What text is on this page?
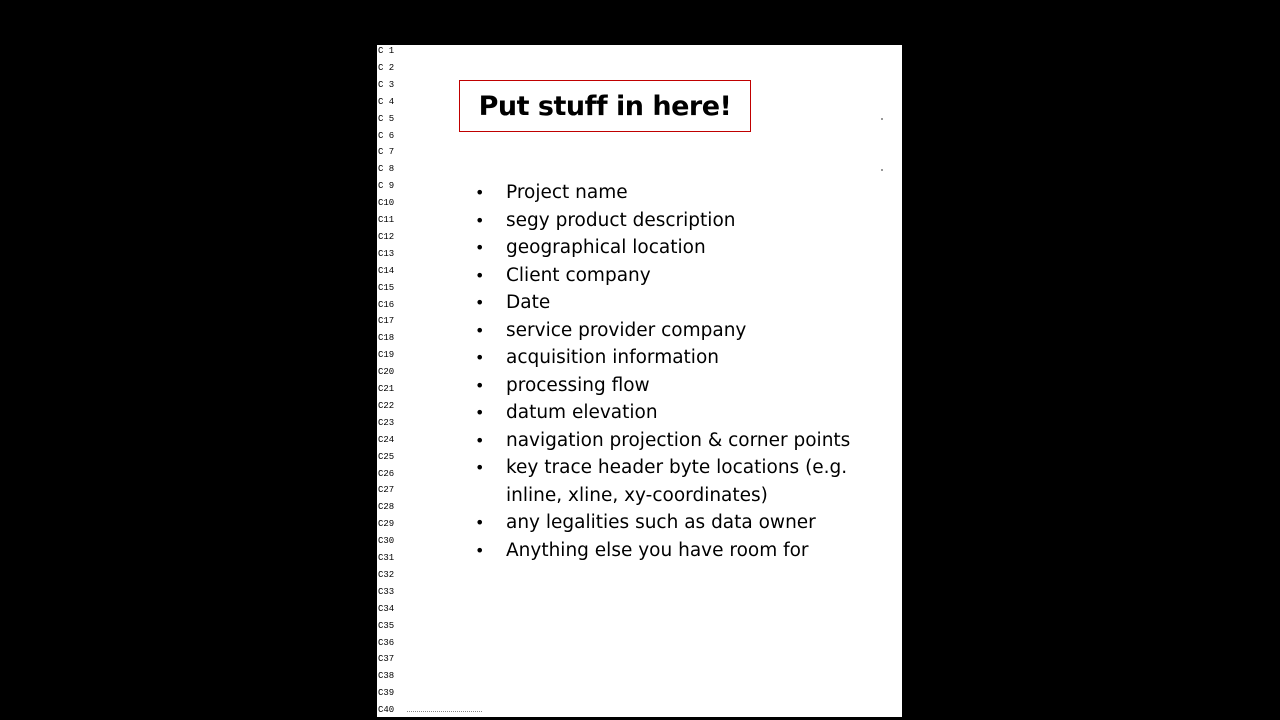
C 1
C 2
C 3
C 4
C 5
C 6
C 7
C 8
C 9
C10
C11
C12
C13
C14
C15
C16
C17
C18
C19
C20
C21
C22
C23
C24
C25
C26
C27
C28
C29
C30
C31
C32
C33
C34
C35
C36
C37
C38
C39
C40
Put stuff in here!
•	Project name
•	segy product description
•	geographical location
•	Client company
•	Date
•	service provider company
•	acquisition information
•	processing flow
•	datum elevation
•	navigation projection & corner points
•	key trace header byte locations (e.g. inline, xline, xy-coordinates)
•	any legalities such as data owner
•	Anything else you have room for
